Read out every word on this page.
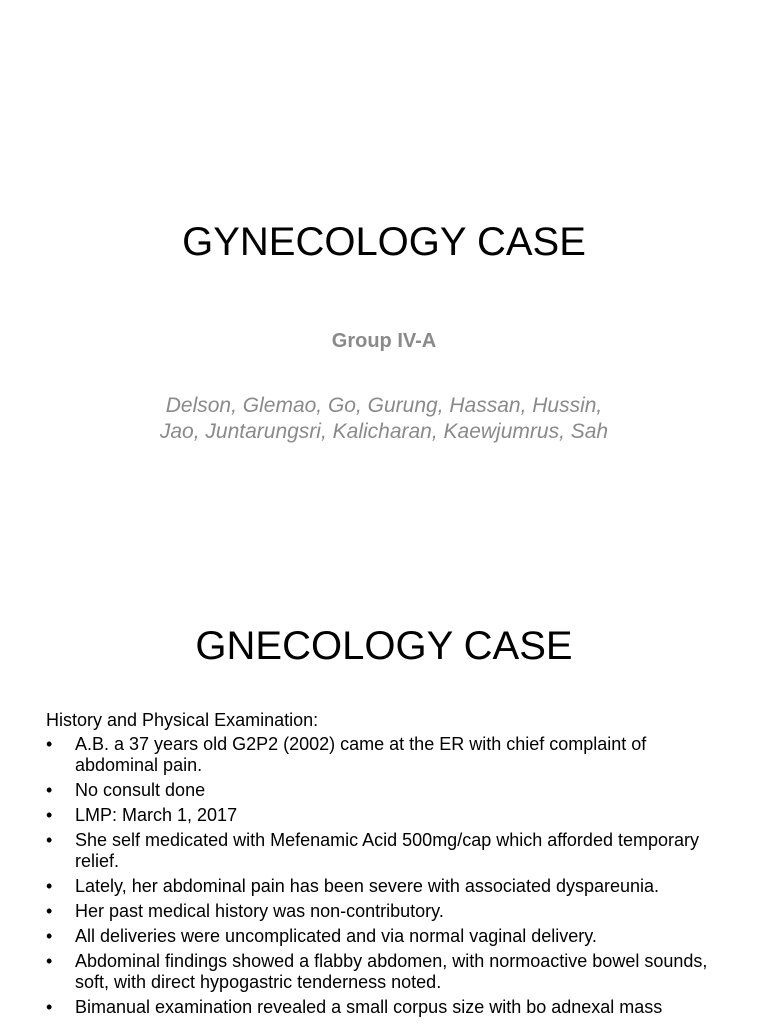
GYNECOLOGY CASE
Group IV-A
Delson, Glemao, Go, Gurung, Hassan, Hussin,
Jao, Juntarungsri, Kalicharan, Kaewjumrus, Sah
GNECOLOGY CASE
History and Physical Examination:
• A.B. a 37 years old G2P2 (2002) came at the ER with chief complaint of abdominal pain.
• No consult done
• LMP: March 1, 2017
• She self medicated with Mefenamic Acid 500mg/cap which afforded temporary relief.
• Lately, her abdominal pain has been severe with associated dyspareunia.
• Her past medical history was non-contributory.
• All deliveries were uncomplicated and via normal vaginal delivery.
• Abdominal findings showed a flabby abdomen, with normoactive bowel sounds, soft, with direct hypogastric tenderness noted.
• Bimanual examination revealed a small corpus size with bo adnexal mass
